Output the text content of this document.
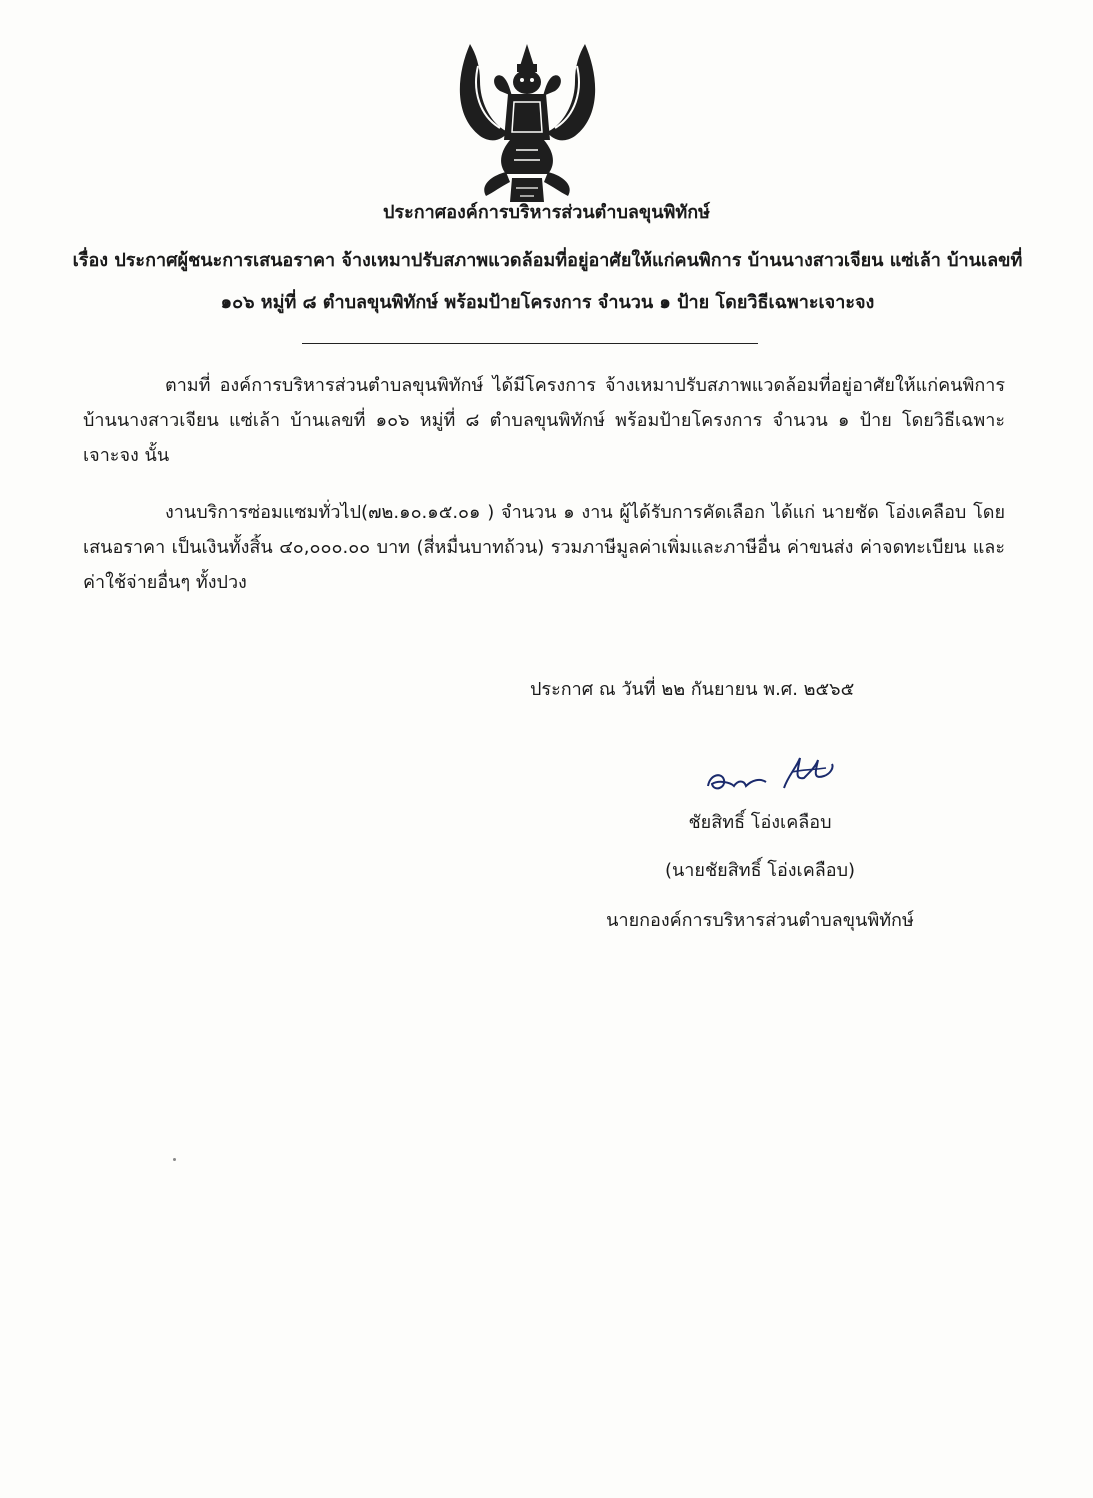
ประกาศองค์การบริหารส่วนตำบลขุนพิทักษ์
เรื่อง ประกาศผู้ชนะการเสนอราคา จ้างเหมาปรับสภาพแวดล้อมที่อยู่อาศัยให้แก่คนพิการ บ้านนางสาวเจียน แซ่เล้า บ้านเลขที่ ๑๐๖ หมู่ที่ ๘ ตำบลขุนพิทักษ์ พร้อมป้ายโครงการ จำนวน ๑ ป้าย โดยวิธีเฉพาะเจาะจง
ตามที่ องค์การบริหารส่วนตำบลขุนพิทักษ์ ได้มีโครงการ จ้างเหมาปรับสภาพแวดล้อมที่อยู่อาศัยให้แก่คนพิการ บ้านนางสาวเจียน แซ่เล้า บ้านเลขที่ ๑๐๖ หมู่ที่ ๘ ตำบลขุนพิทักษ์ พร้อมป้ายโครงการ จำนวน ๑ ป้าย โดยวิธีเฉพาะเจาะจง นั้น
งานบริการซ่อมแซมทั่วไป(๗๒.๑๐.๑๕.๐๑ ) จำนวน ๑ งาน ผู้ได้รับการคัดเลือก ได้แก่ นายชัด โอ่งเคลือบ โดยเสนอราคา เป็นเงินทั้งสิ้น ๔๐,๐๐๐.๐๐ บาท (สี่หมื่นบาทถ้วน) รวมภาษีมูลค่าเพิ่มและภาษีอื่น ค่าขนส่ง ค่าจดทะเบียน และค่าใช้จ่ายอื่นๆ ทั้งปวง
ประกาศ ณ วันที่ ๒๒ กันยายน พ.ศ. ๒๕๖๕
ชัยสิทธิ์ โอ่งเคลือบ
(นายชัยสิทธิ์ โอ่งเคลือบ)
นายกองค์การบริหารส่วนตำบลขุนพิทักษ์
